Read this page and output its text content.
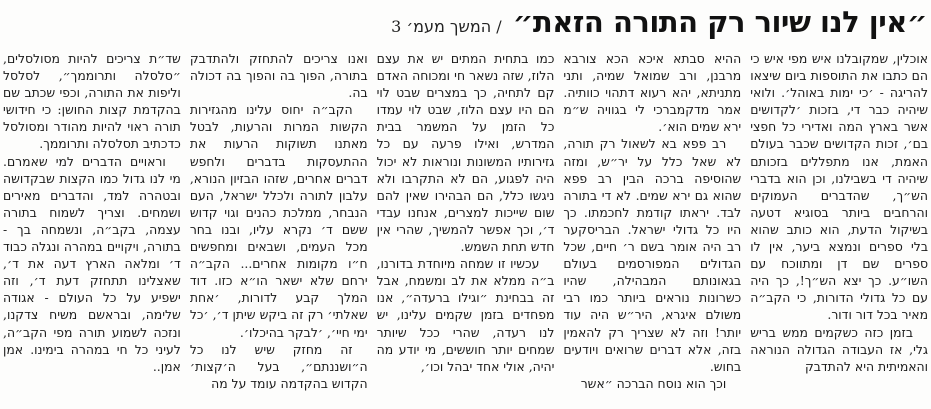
״אין לנו שיור רק התורה הזאת״ / המשך מעמ׳ 3

אוכלין, שמקובלנו איש מפי איש כי הם כתבו את התוספות ביום שיצאו להריגה - ׳כי ימות באוהל׳. ולואי שיהיה כבר די, בזכות ׳לקדושים אשר בארץ המה ואדירי כל חפצי בם׳, זכות הקדושים שכבר בעולם האמת, אנו מתפללים בזכותם שיהיה די בשבילנו, וכן הוא בדברי הש״ך, שהדברים העמוקים והרחבים ביותר בסוגיא דטעה בשיקול הדעת, הוא כותב שהוא בלי ספרים ונמצא ביער, אין לו ספרים שם דן ומתווכח עם השו״ע. כך יצא הש״ך!, כך היה עם כל גדולי הדורות, כי הקב״ה מאיר בכל דור ודור.

בזמן כזה כשקמים ממש בריש גלי, אז העבודה הגדולה הנוראה והאמיתית היא להתדבק

ההיא סבתא איכא הכא צורבא מרבנן, ורב שמואל שמיה, ותני מתניתא, יהא רעוא דתהוי כוותיה. אמר מדקמברכי לי בגוויה ש״מ ירא שמים הוא׳.

רב פפא בא לשאול רק תורה, לא שאל כלל על יר״ש, ומזה שהוסיפה ברכה הבין רב פפא שהוא גם ירא שמים. לא די בתורה לבד. יראתו קודמת לחכמתו. כך היו כל גדולי ישראל. הבריסקער רב היה אומר בשם ר׳ חיים, שכל הגדולים המפורסמים בעולם בגאונותם המבהילה, שהיו כשרונות נוראים ביותר כמו רבי משולם איגרא, היר״ש היה עוד יותר! וזה לא שצריך רק להאמין בזה, אלא דברים שרואים ויודעים בחוש.

וכך הוא נוסח הברכה ״אשר

כמו בתחית המתים יש את עצם הלוז, שזה נשאר חי ומכוחה האדם קם לתחיה, כך במצרים שבט לוי הם היו עצם הלוז, שבט לוי עמדו כל הזמן על המשמר בבית המדרש, ואילו פרעה עם כל גזירותיו המשונות ונוראות לא יכול היה לפגוע, הם לא התקרבו ולא ניגשו כלל, הם הבהירו שאין להם שום שייכות למצרים, אנחנו עבדי ד׳, וכך אפשר להמשיך, שהרי אין חדש תחת השמש.

עכשיו זו שמחה מיוחדת בדורנו, ב״ה ממלא את לב ומשמח, אבל זה בבחינת ״וגילו ברעדה״, אנו מפחדים בזמן שקמים עלינו, יש לנו רעדה, שהרי ככל שיותר שמחים יותר חוששים, מי יודע מה יהיה, אולי אחד יבהל וכו׳,

ואנו צריכים להתחזק ולהתדבק בתורה, הפוך בה והפוך בה דכולה בה.

הקב״ה יחוס עלינו מהגזירות הקשות המרות והרעות, לבטל מאתנו תשוקות הרעות את ההתעסקות בדברים ולחפש דברים אחרים, שזהו הבזיון הנורא, עלבון לתורה ולכלל ישראל, העם הנבחר, ממלכת כהנים וגוי קדוש ששם ד׳ נקרא עליו, ובנו בחר מכל העמים, ושבאים ומחפשים ח״ו מקומות אחרים... הקב״ה ירחם שלא ישאר הו״א כזו. דוד המלך קבע לדורות, ׳אחת שאלתי׳ רק זה ביקש שיתן ד׳, ׳כל ימי חיי׳, ׳לבקר בהיכלו׳.

זה מחזק שיש לנו כל ה״ושננתם״, בעל ה׳קצות׳ הקדוש בהקדמה עומד על מה

שד״ת צריכים להיות מסולסלים, ״סלסלה ותרוממך״, לסלסל וליפות את התורה, וכפי שכתב שם בהקדמת קצות החושן: כי חידושי תורה ראוי להיות מהודר ומסולסל כדכתיב תסלסלה ותרוממך.

וראויים הדברים למי שאמרם. מי לנו גדול כמו הקצות שבקדושה ובטהרה למד, והדברים מאירים ושמחים. וצריך לשמוח בתורה עצמה, בקב״ה, ונשמחה בך - בתורה, ויקויים במהרה ונגלה כבוד ד׳ ומלאה הארץ דעה את ד׳, שאצלינו תתחזק דעת ד׳, וזה ישפיע על כל העולם - אגודה שלימה, ובראשם משיח צדקנו, ונזכה לשמוע תורה מפי הקב״ה, לעיני כל חי במהרה בימינו. אמן אמן..
